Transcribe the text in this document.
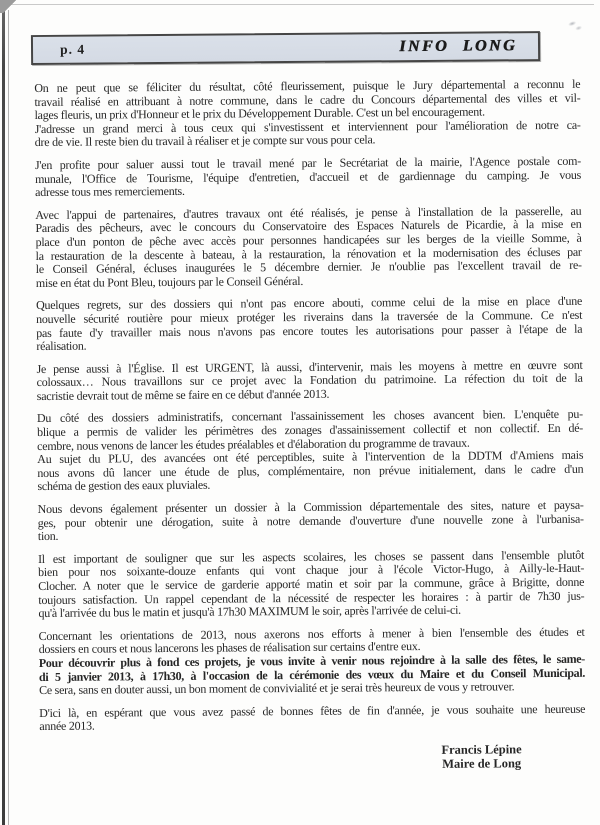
p. 4	INFO LONG
On ne peut que se féliciter du résultat, côté fleurissement, puisque le Jury départemental a reconnu le
travail réalisé en attribuant à notre commune, dans le cadre du Concours départemental des villes et vil-
lages fleuris, un prix d'Honneur et le prix du Développement Durable. C'est un bel encouragement.
J'adresse un grand merci à tous ceux qui s'investissent et interviennent pour l'amélioration de notre ca-
dre de vie. Il reste bien du travail à réaliser et je compte sur vous pour cela.
J'en profite pour saluer aussi tout le travail mené par le Secrétariat de la mairie, l'Agence postale com-
munale, l'Office de Tourisme, l'équipe d'entretien, d'accueil et de gardiennage du camping. Je vous
adresse tous mes remerciements.
Avec l'appui de partenaires, d'autres travaux ont été réalisés, je pense à l'installation de la passerelle, au
Paradis des pêcheurs, avec le concours du Conservatoire des Espaces Naturels de Picardie, à la mise en
place d'un ponton de pêche avec accès pour personnes handicapées sur les berges de la vieille Somme, à
la restauration de la descente à bateau, à la restauration, la rénovation et la modernisation des écluses par
le Conseil Général, écluses inaugurées le 5 décembre dernier. Je n'oublie pas l'excellent travail de re-
mise en état du Pont Bleu, toujours par le Conseil Général.
Quelques regrets, sur des dossiers qui n'ont pas encore abouti, comme celui de la mise en place d'une
nouvelle sécurité routière pour mieux protéger les riverains dans la traversée de la Commune. Ce n'est
pas faute d'y travailler mais nous n'avons pas encore toutes les autorisations pour passer à l'étape de la
réalisation.
Je pense aussi à l'Église. Il est URGENT, là aussi, d'intervenir, mais les moyens à mettre en œuvre sont
colossaux… Nous travaillons sur ce projet avec la Fondation du patrimoine. La réfection du toit de la
sacristie devrait tout de même se faire en ce début d'année 2013.
Du côté des dossiers administratifs, concernant l'assainissement les choses avancent bien. L'enquête pu-
blique a permis de valider les périmètres des zonages d'assainissement collectif et non collectif. En dé-
cembre, nous venons de lancer les études préalables et d'élaboration du programme de travaux.
Au sujet du PLU, des avancées ont été perceptibles, suite à l'intervention de la DDTM d'Amiens mais
nous avons dû lancer une étude de plus, complémentaire, non prévue initialement, dans le cadre d'un
schéma de gestion des eaux pluviales.
Nous devons également présenter un dossier à la Commission départementale des sites, nature et paysa-
ges, pour obtenir une dérogation, suite à notre demande d'ouverture d'une nouvelle zone à l'urbanisa-
tion.
Il est important de souligner que sur les aspects scolaires, les choses se passent dans l'ensemble plutôt
bien pour nos soixante-douze enfants qui vont chaque jour à l'école Victor-Hugo, à Ailly-le-Haut-
Clocher. A noter que le service de garderie apporté matin et soir par la commune, grâce à Brigitte, donne
toujours satisfaction. Un rappel cependant de la nécessité de respecter les horaires : à partir de 7h30 jus-
qu'à l'arrivée du bus le matin et jusqu'à 17h30 MAXIMUM le soir, après l'arrivée de celui-ci.
Concernant les orientations de 2013, nous axerons nos efforts à mener à bien l'ensemble des études et
dossiers en cours et nous lancerons les phases de réalisation sur certains d'entre eux.
Pour découvrir plus à fond ces projets, je vous invite à venir nous rejoindre à la salle des fêtes, le same-
di 5 janvier 2013, à 17h30, à l'occasion de la cérémonie des vœux du Maire et du Conseil Municipal.
Ce sera, sans en douter aussi, un bon moment de convivialité et je serai très heureux de vous y retrouver.
D'ici là, en espérant que vous avez passé de bonnes fêtes de fin d'année, je vous souhaite une heureuse
année 2013.
Francis Lépine
Maire de Long
